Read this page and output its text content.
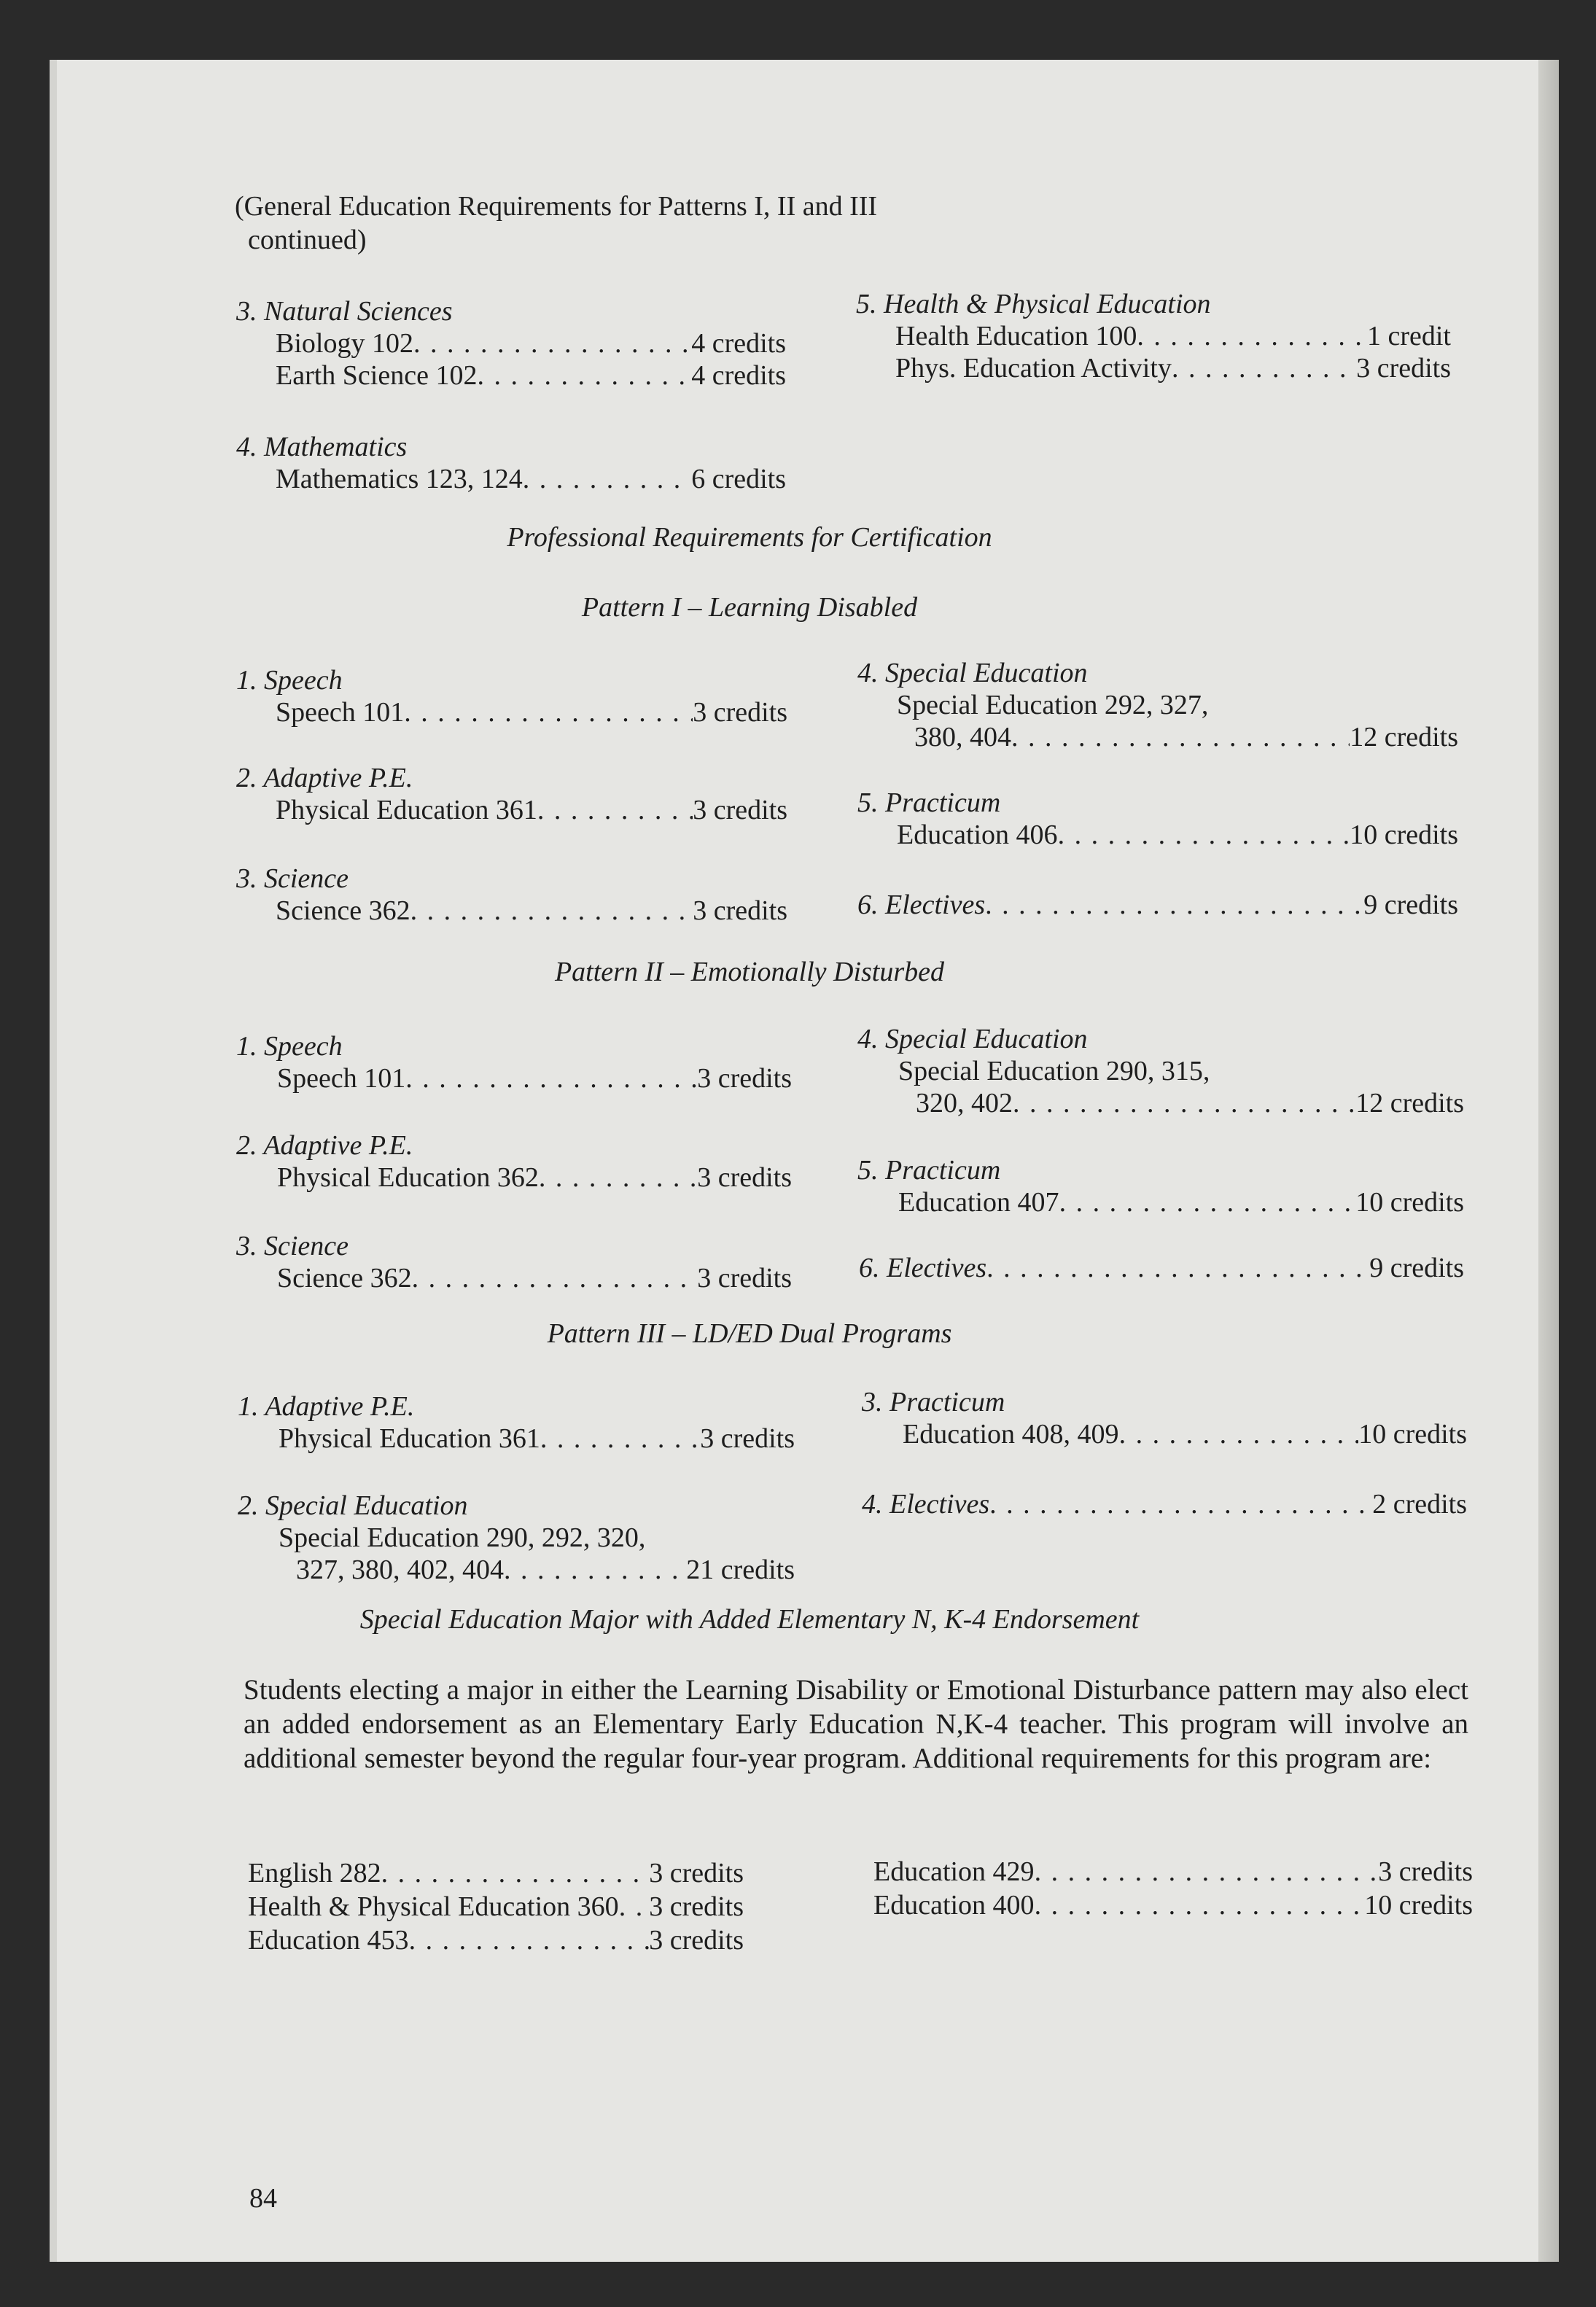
(General Education Requirements for Patterns I, II and III
continued)
3. Natural Sciences
Biology 102 . . .	4 credits
Earth Science 102 . . .	4 credits
4. Mathematics
Mathematics 123, 124 . . .	6 credits
5. Health & Physical Education
Health Education 100 . . .	1 credit
Phys. Education Activity . . .	3 credits
Professional Requirements for Certification
Pattern I – Learning Disabled
1. Speech
Speech 101 . . .	3 credits
2. Adaptive P.E.
Physical Education 361 . . .	3 credits
3. Science
Science 362 . . .	3 credits
4. Special Education
Special Education 292, 327,
380, 404 . . .	12 credits
5. Practicum
Education 406 . . .	10 credits
6. Electives . . .	9 credits
Pattern II – Emotionally Disturbed
1. Speech
Speech 101 . . .	3 credits
2. Adaptive P.E.
Physical Education 362 . . .	3 credits
3. Science
Science 362 . . .	3 credits
4. Special Education
Special Education 290, 315,
320, 402 . . .	12 credits
5. Practicum
Education 407 . . .	10 credits
6. Electives . . .	9 credits
Pattern III – LD/ED Dual Programs
1. Adaptive P.E.
Physical Education 361 . . .	3 credits
2. Special Education
Special Education 290, 292, 320,
327, 380, 402, 404 . . .	21 credits
3. Practicum
Education 408, 409 . . .	10 credits
4. Electives . . .	2 credits
Special Education Major with Added Elementary N, K-4 Endorsement
Students electing a major in either the Learning Disability or Emotional Disturbance pattern may also elect an added endorsement as an Elementary Early Education N,K-4 teacher. This program will involve an additional semester beyond the regular four-year program. Additional requirements for this program are:
English 282 . . .	3 credits
Health & Physical Education 360 . . . 3 credits
Education 453 . . .	3 credits
Education 429 . . .	3 credits
Education 400 . . .	10 credits
84
